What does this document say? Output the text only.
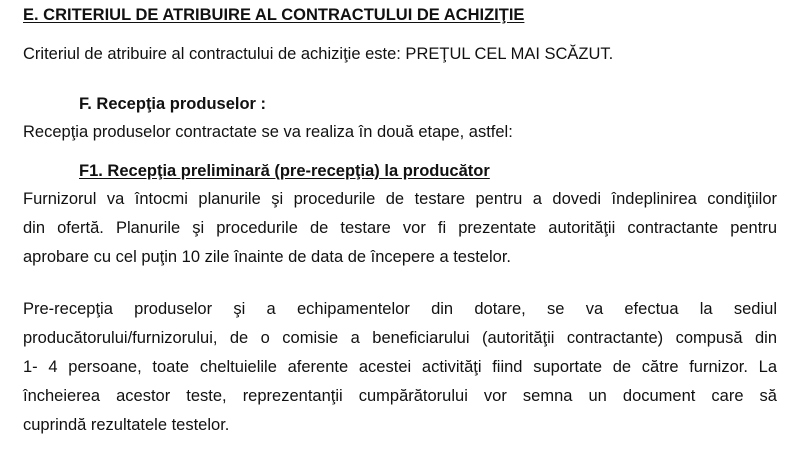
E. CRITERIUL DE ATRIBUIRE AL CONTRACTULUI DE ACHIZIŢIE
Criteriul de atribuire al contractului de achiziţie este: PREŢUL CEL MAI SCĂZUT.
F. Recepţia produselor :
Recepţia produselor contractate se va realiza în două etape, astfel:
F1. Recepţia preliminară (pre-recepţia) la producător
Furnizorul va întocmi planurile şi procedurile de testare pentru a dovedi îndeplinirea condiţiilor
din ofertă. Planurile şi procedurile de testare vor fi prezentate autorităţii contractante pentru
aprobare cu cel puţin 10 zile înainte de data de începere a testelor.
Pre-recepţia produselor şi a echipamentelor din dotare, se va efectua la sediul
producătorului/furnizorului, de o comisie a beneficiarului (autorităţii contractante) compusă din
1- 4 persoane, toate cheltuielile aferente acestei activităţi fiind suportate de către furnizor. La
încheierea acestor teste, reprezentanţii cumpărătorului vor semna un document care să
cuprindă rezultatele testelor.
